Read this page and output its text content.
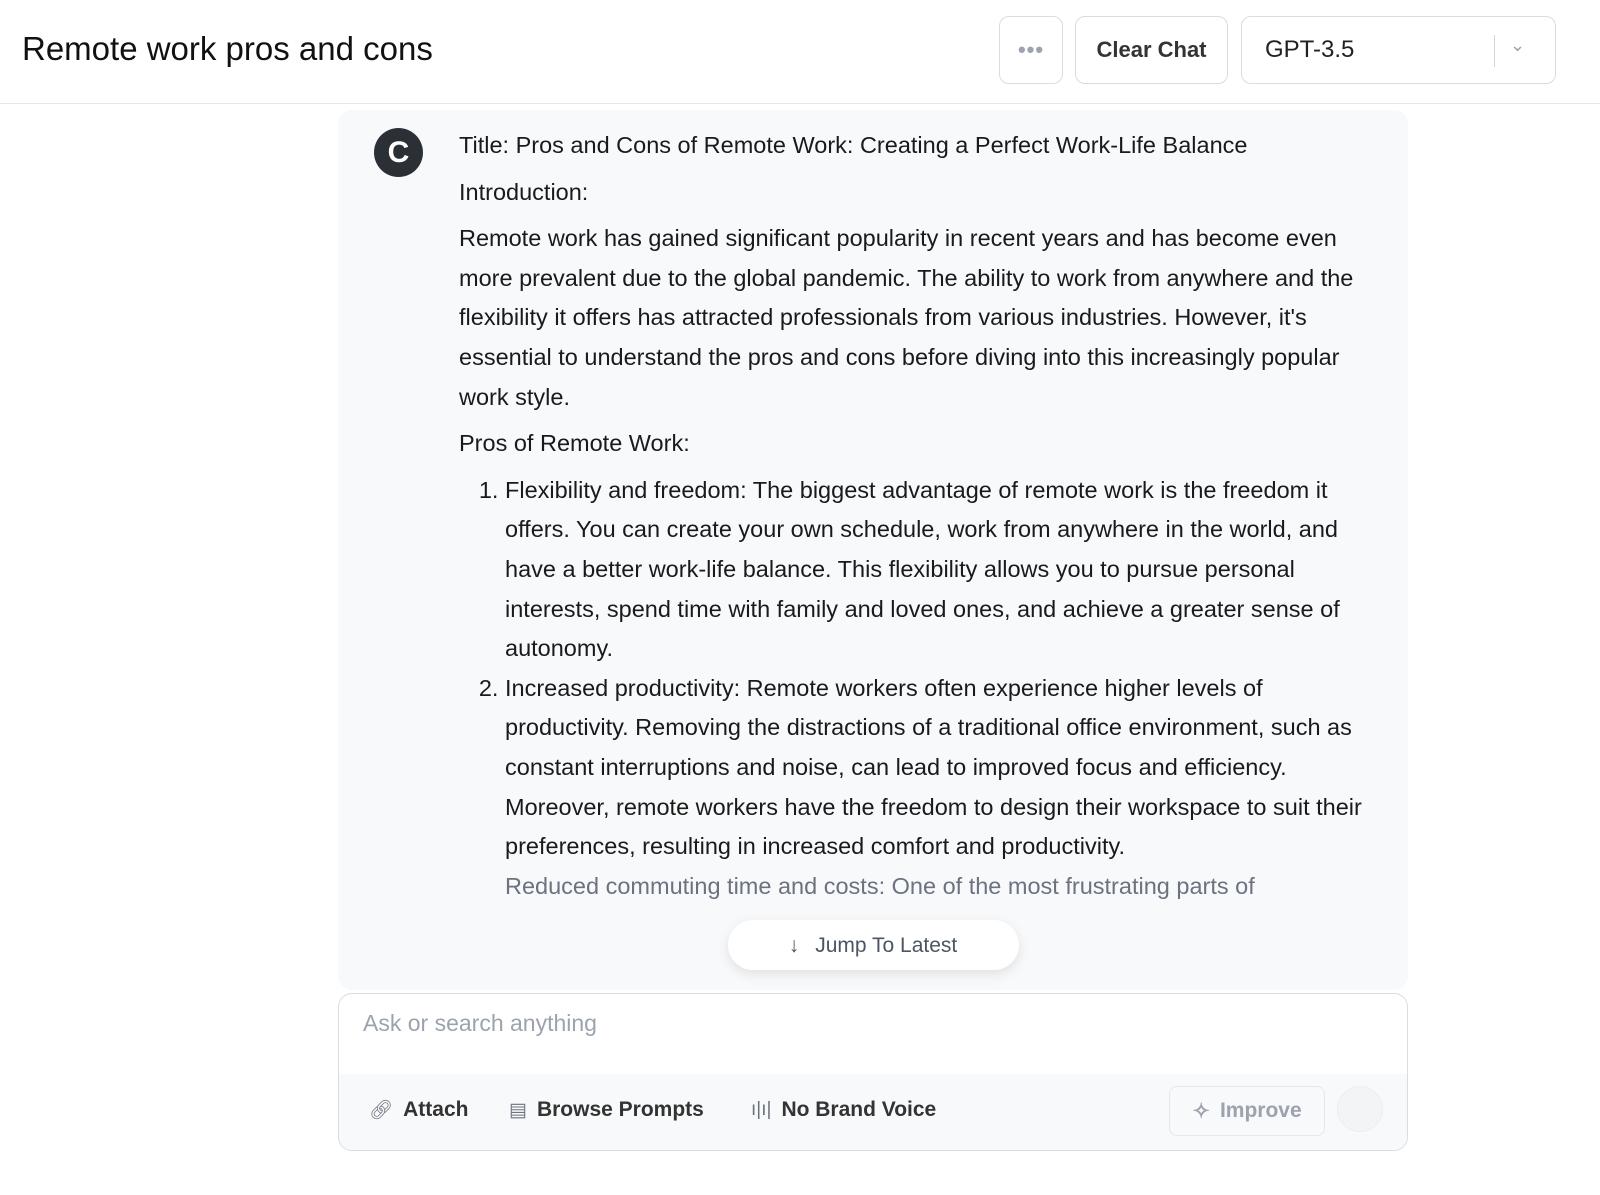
Remote work pros and cons	•••	Clear Chat	GPT-3.5	⌄
C	Title: Pros and Cons of Remote Work: Creating a Perfect Work-Life Balance

Introduction:

Remote work has gained significant popularity in recent years and has become even more prevalent due to the global pandemic. The ability to work from anywhere and the flexibility it offers has attracted professionals from various industries. However, it's essential to understand the pros and cons before diving into this increasingly popular work style.

Pros of Remote Work:

1. Flexibility and freedom: The biggest advantage of remote work is the freedom it offers. You can create your own schedule, work from anywhere in the world, and have a better work-life balance. This flexibility allows you to pursue personal interests, spend time with family and loved ones, and achieve a greater sense of autonomy.
2. Increased productivity: Remote workers often experience higher levels of productivity. Removing the distractions of a traditional office environment, such as constant interruptions and noise, can lead to improved focus and efficiency. Moreover, remote workers have the freedom to design their workspace to suit their preferences, resulting in increased comfort and productivity.
3. Reduced commuting time and costs: One of the most frustrating parts of
↓ Jump To Latest
Ask or search anything
🔗︎ Attach ▤ Browse Prompts ı|ı| No Brand Voice	✧ Improve
